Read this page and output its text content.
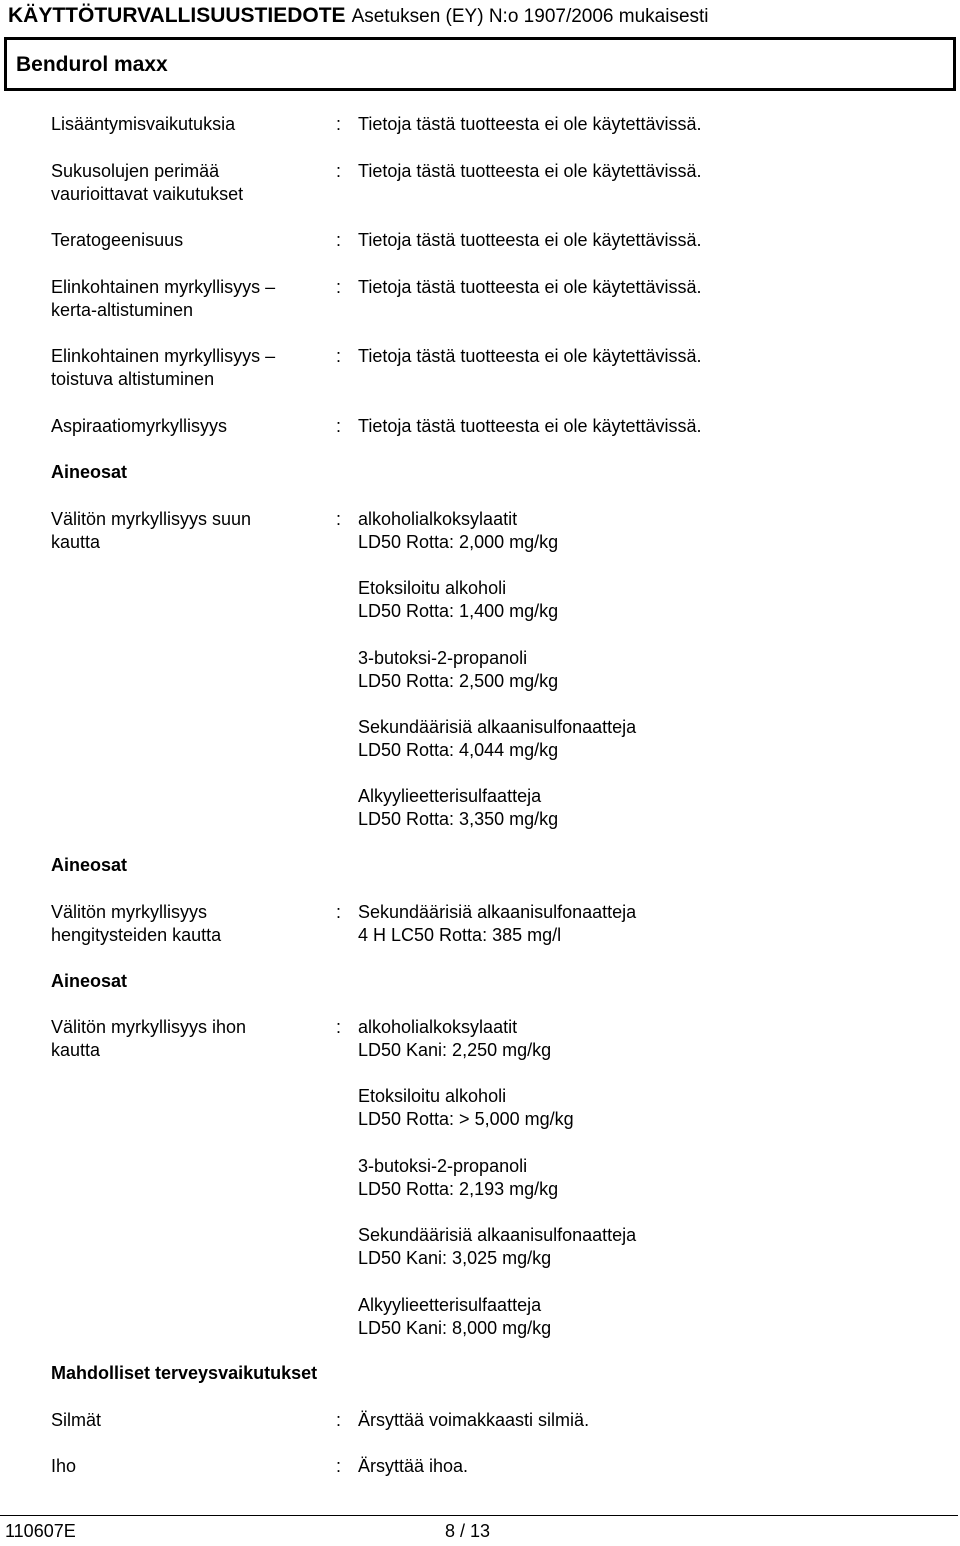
KÄYTTÖTURVALLISUUSTIEDOTE Asetuksen (EY) N:o 1907/2006 mukaisesti
Bendurol maxx
Lisääntymisvaikutuksia	: Tietoja tästä tuotteesta ei ole käytettävissä.
Sukusolujen perimää
vaurioittavat vaikutukset
: Tietoja tästä tuotteesta ei ole käytettävissä.
Teratogeenisuus	: Tietoja tästä tuotteesta ei ole käytettävissä.
Elinkohtainen myrkyllisyys –
kerta-altistuminen
: Tietoja tästä tuotteesta ei ole käytettävissä.
Elinkohtainen myrkyllisyys –
toistuva altistuminen
: Tietoja tästä tuotteesta ei ole käytettävissä.
Aspiraatiomyrkyllisyys	: Tietoja tästä tuotteesta ei ole käytettävissä.
Aineosat
Välitön myrkyllisyys suun
kautta
: alkoholialkoksylaatit
LD50 Rotta: 2,000 mg/kg
Etoksiloitu alkoholi
LD50 Rotta: 1,400 mg/kg
3-butoksi-2-propanoli
LD50 Rotta: 2,500 mg/kg
Sekundäärisiä alkaanisulfonaatteja
LD50 Rotta: 4,044 mg/kg
Alkyylieetterisulfaatteja
LD50 Rotta: 3,350 mg/kg
Aineosat
Välitön myrkyllisyys
hengitysteiden kautta
: Sekundäärisiä alkaanisulfonaatteja
4 H LC50 Rotta: 385 mg/l
Aineosat
Välitön myrkyllisyys ihon
kautta
: alkoholialkoksylaatit
LD50 Kani: 2,250 mg/kg
Etoksiloitu alkoholi
LD50 Rotta: > 5,000 mg/kg
3-butoksi-2-propanoli
LD50 Rotta: 2,193 mg/kg
Sekundäärisiä alkaanisulfonaatteja
LD50 Kani: 3,025 mg/kg
Alkyylieetterisulfaatteja
LD50 Kani: 8,000 mg/kg
Mahdolliset terveysvaikutukset
Silmät	: Ärsyttää voimakkaasti silmiä.
Iho	: Ärsyttää ihoa.
110607E	8 / 13
